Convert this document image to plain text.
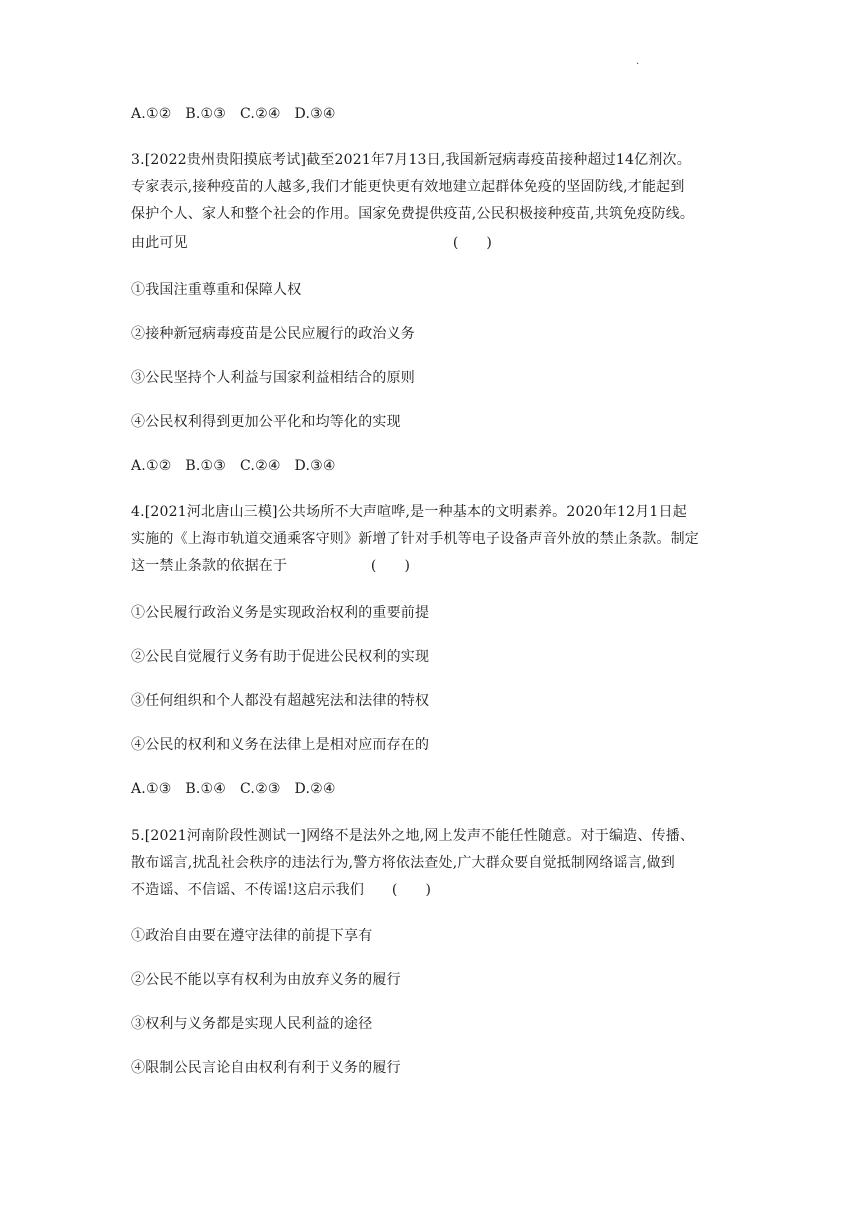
.
A.①②   B.①③   C.②④   D.③④
3.[2022贵州贵阳摸底考试]截至2021年7月13日,我国新冠病毒疫苗接种超过14亿剂次。
专家表示,接种疫苗的人越多,我们才能更快更有效地建立起群体免疫的坚固防线,才能起到
保护个人、家人和整个社会的作用。国家免费提供疫苗,公民积极接种疫苗,共筑免疫防线。
由此可见                                                         (      )
①我国注重尊重和保障人权
②接种新冠病毒疫苗是公民应履行的政治义务
③公民坚持个人利益与国家利益相结合的原则
④公民权利得到更加公平化和均等化的实现
A.①②   B.①③   C.②④   D.③④
4.[2021河北唐山三模]公共场所不大声喧哗,是一种基本的文明素养。2020年12月1日起
实施的《上海市轨道交通乘客守则》新增了针对手机等电子设备声音外放的禁止条款。制定
这一禁止条款的依据在于                  (      )
①公民履行政治义务是实现政治权利的重要前提
②公民自觉履行义务有助于促进公民权利的实现
③任何组织和个人都没有超越宪法和法律的特权
④公民的权利和义务在法律上是相对应而存在的
A.①③   B.①④   C.②③   D.②④
5.[2021河南阶段性测试一]网络不是法外之地,网上发声不能任性随意。对于编造、传播、
散布谣言,扰乱社会秩序的违法行为,警方将依法查处,广大群众要自觉抵制网络谣言,做到
不造谣、不信谣、不传谣!这启示我们      (      )
①政治自由要在遵守法律的前提下享有
②公民不能以享有权利为由放弃义务的履行
③权利与义务都是实现人民利益的途径
④限制公民言论自由权利有利于义务的履行
